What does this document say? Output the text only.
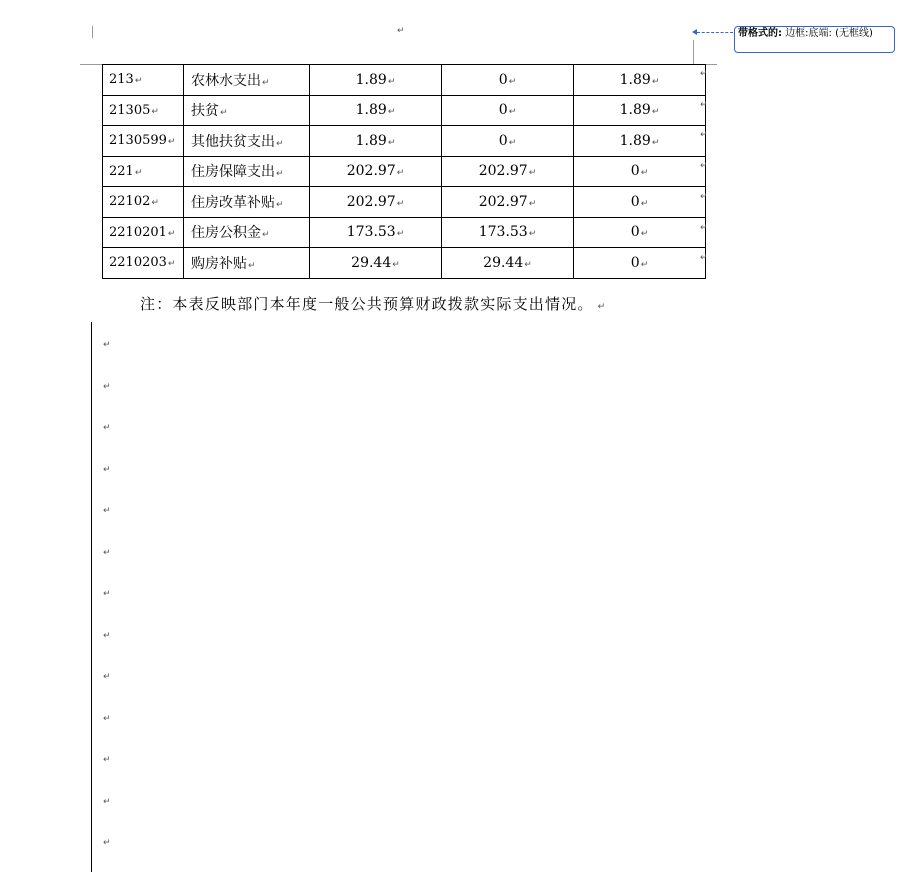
↵	带格式的: 边框:底端: (无框线)
213↵	农林水支出↵	1.89↵	0↵	1.89↵
21305↵	扶贫↵	1.89↵	0↵	1.89↵
2130599↵	其他扶贫支出↵	1.89↵	0↵	1.89↵
221↵	住房保障支出↵	202.97↵	202.97↵	0↵
22102↵	住房改革补贴↵	202.97↵	202.97↵	0↵
2210201↵	住房公积金↵	173.53↵	173.53↵	0↵
2210203↵	购房补贴↵	29.44↵	29.44↵	0↵
↵
↵
↵
↵
↵
↵
↵
注：本表反映部门本年度一般公共预算财政拨款实际支出情况。 ↵
↵
↵
↵
↵
↵
↵
↵
↵
↵
↵
↵
↵
↵
